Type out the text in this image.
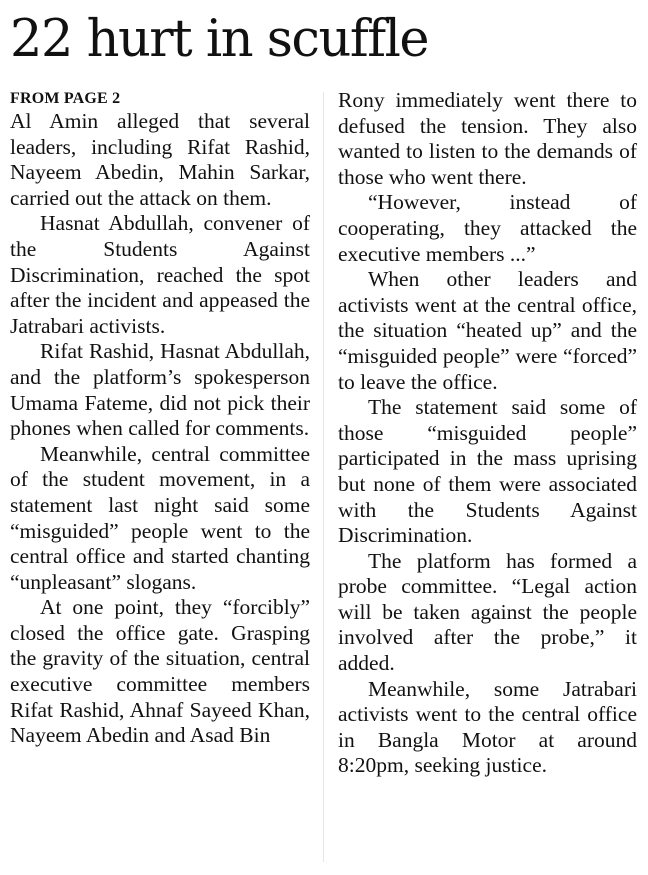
22 hurt in scuffle
FROM PAGE 2

Al Amin alleged that several leaders, including Rifat Rashid, Nayeem Abedin, Mahin Sarkar, carried out the attack on them.

Hasnat Abdullah, convener of the Students Against Discrimination, reached the spot after the incident and appeased the Jatrabari activists.

Rifat Rashid, Hasnat Abdullah, and the platform’s spokesperson Umama Fateme, did not pick their phones when called for comments.

Meanwhile, central committee of the student movement, in a statement last night said some “misguided” people went to the central office and started chanting “unpleasant” slogans.

At one point, they “forcibly” closed the office gate. Grasping the gravity of the situation, central executive committee members Rifat Rashid, Ahnaf Sayeed Khan, Nayeem Abedin and Asad Bin

Rony immediately went there to defused the tension. They also wanted to listen to the demands of those who went there.

“However, instead of cooperating, they attacked the executive members ...”

When other leaders and activists went at the central office, the situation “heated up” and the “misguided people” were “forced” to leave the office.

The statement said some of those “misguided people” participated in the mass uprising but none of them were associated with the Students Against Discrimination.

The platform has formed a probe committee. “Legal action will be taken against the people involved after the probe,” it added.

Meanwhile, some Jatrabari activists went to the central office in Bangla Motor at around 8:20pm, seeking justice.
